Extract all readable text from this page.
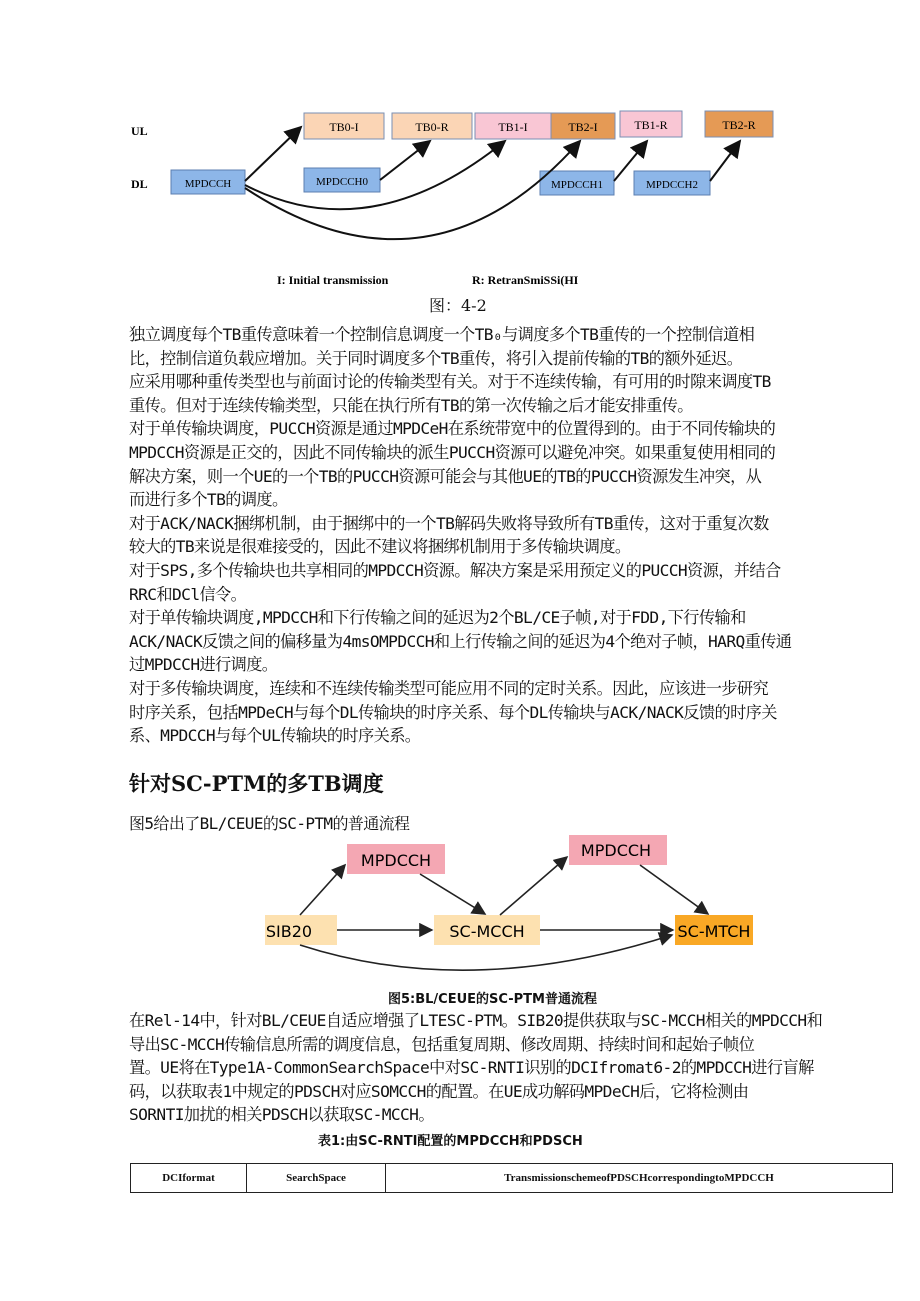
UL
DL
TB0-I	TB0-R	TB1-I	TB2-I	TB1-R	TB2-R
MPDCCH	MPDCCH0	MPDCCH1	MPDCCH2
I: Initial transmission	R: RetranSmiSSi(HI
图：4-2
独立调度每个TB重传意味着一个控制信息调度一个TB₀与调度多个TB重传的一个控制信道相
比，控制信道负载应增加。关于同时调度多个TB重传，将引入提前传输的TB的额外延迟。
应采用哪种重传类型也与前面讨论的传输类型有关。对于不连续传输，有可用的时隙来调度TB
重传。但对于连续传输类型，只能在执行所有TB的第一次传输之后才能安排重传。
对于单传输块调度，PUCCH资源是通过MPDCeH在系统带宽中的位置得到的。由于不同传输块的
MPDCCH资源是正交的，因此不同传输块的派生PUCCH资源可以避免冲突。如果重复使用相同的
解决方案，则一个UE的一个TB的PUCCH资源可能会与其他UE的TB的PUCCH资源发生冲突，从
而进行多个TB的调度。
对于ACK/NACK捆绑机制，由于捆绑中的一个TB解码失败将导致所有TB重传，这对于重复次数
较大的TB来说是很难接受的，因此不建议将捆绑机制用于多传输块调度。
对于SPS,多个传输块也共享相同的MPDCCH资源。解决方案是采用预定义的PUCCH资源，并结合
RRC和DCl信令。
对于单传输块调度,MPDCCH和下行传输之间的延迟为2个BL/CE子帧,对于FDD,下行传输和
ACK/NACK反馈之间的偏移量为4msOMPDCCH和上行传输之间的延迟为4个绝对子帧，HARQ重传通
过MPDCCH进行调度。
对于多传输块调度，连续和不连续传输类型可能应用不同的定时关系。因此，应该进一步研究
时序关系，包括MPDeCH与每个DL传输块的时序关系、每个DL传输块与ACK/NACK反馈的时序关
系、MPDCCH与每个UL传输块的时序关系。
针对SC-PTM的多TB调度
图5给出了BL/CEUE的SC-PTM的普通流程
MPDCCH
MPDCCH
SIB20	SC-MCCH	SC-MTCH
图5:BL/CEUE的SC-PTM普通流程
在Rel-14中，针对BL/CEUE自适应增强了LTESC-PTM。SIB20提供获取与SC-MCCH相关的MPDCCH和
导出SC-MCCH传输信息所需的调度信息，包括重复周期、修改周期、持续时间和起始子帧位
置。UE将在Type1A-CommonSearchSpace中对SC-RNTI识别的DCIfromat6-2的MPDCCH进行盲解
码，以获取表1中规定的PDSCH对应SOMCCH的配置。在UE成功解码MPDeCH后，它将检测由
SORNTI加扰的相关PDSCH以获取SC-MCCH。
表1:由SC-RNTI配置的MPDCCH和PDSCH
DCIformat	SearchSpace	TransmissionschemeofPDSCHcorrespondingtoMPDCCH
